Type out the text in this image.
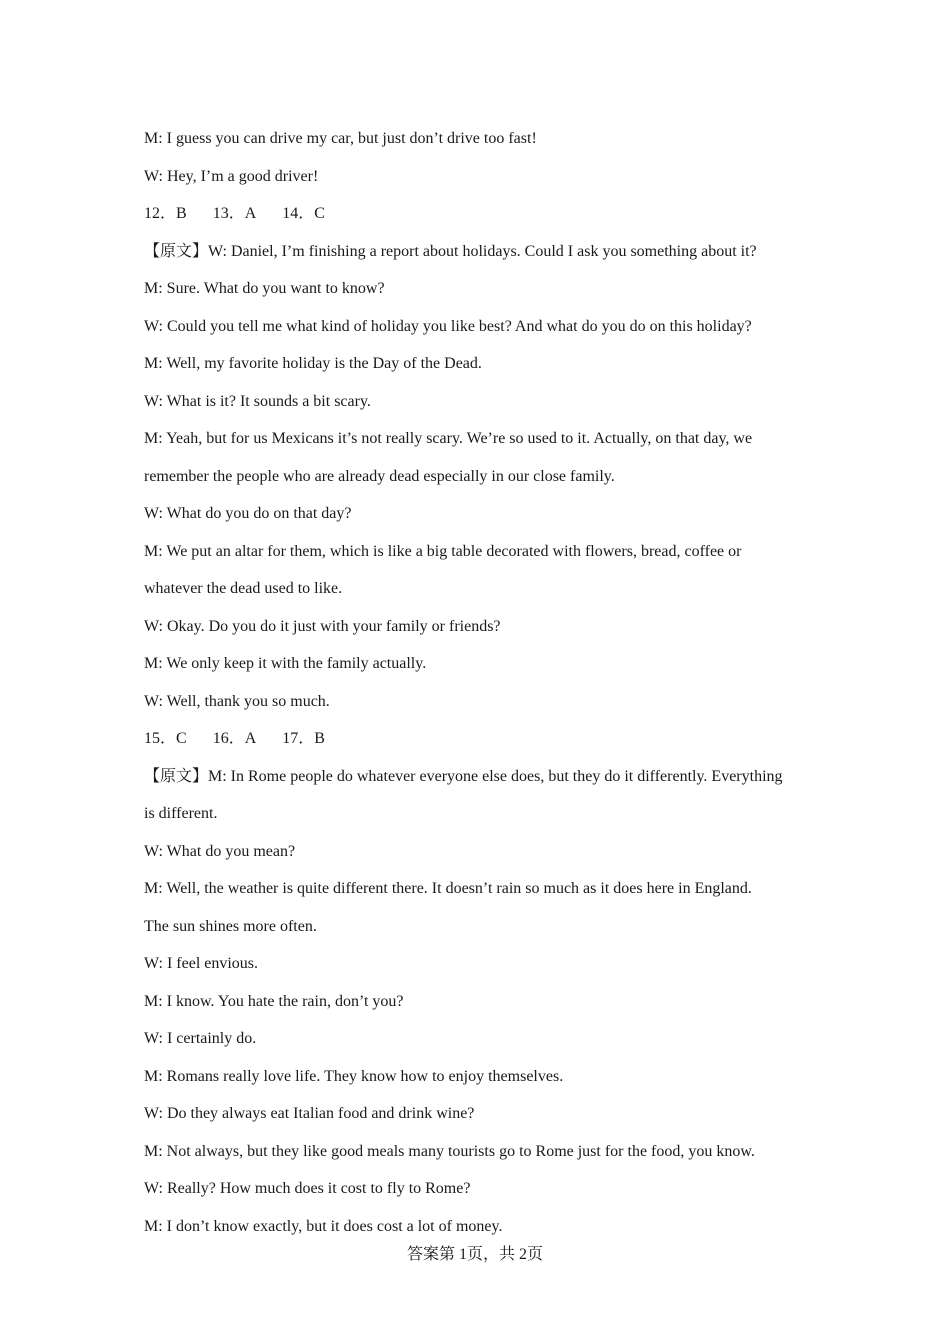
M: I guess you can drive my car, but just don’t drive too fast!
W: Hey, I’m a good driver!
12．B 13．A 14．C
【原文】W: Daniel, I’m finishing a report about holidays. Could I ask you something about it?
M: Sure. What do you want to know?
W: Could you tell me what kind of holiday you like best? And what do you do on this holiday?
M: Well, my favorite holiday is the Day of the Dead.
W: What is it? It sounds a bit scary.
M: Yeah, but for us Mexicans it’s not really scary. We’re so used to it. Actually, on that day, we
remember the people who are already dead especially in our close family.
W: What do you do on that day?
M: We put an altar for them, which is like a big table decorated with flowers, bread, coffee or
whatever the dead used to like.
W: Okay. Do you do it just with your family or friends?
M: We only keep it with the family actually.
W: Well, thank you so much.
15．C 16．A 17．B
【原文】M: In Rome people do whatever everyone else does, but they do it differently. Everything
is different.
W: What do you mean?
M: Well, the weather is quite different there. It doesn’t rain so much as it does here in England.
The sun shines more often.
W: I feel envious.
M: I know. You hate the rain, don’t you?
W: I certainly do.
M: Romans really love life. They know how to enjoy themselves.
W: Do they always eat Italian food and drink wine?
M: Not always, but they like good meals many tourists go to Rome just for the food, you know.
W: Really? How much does it cost to fly to Rome?
M: I don’t know exactly, but it does cost a lot of money.
答案第 1页，共 2页
